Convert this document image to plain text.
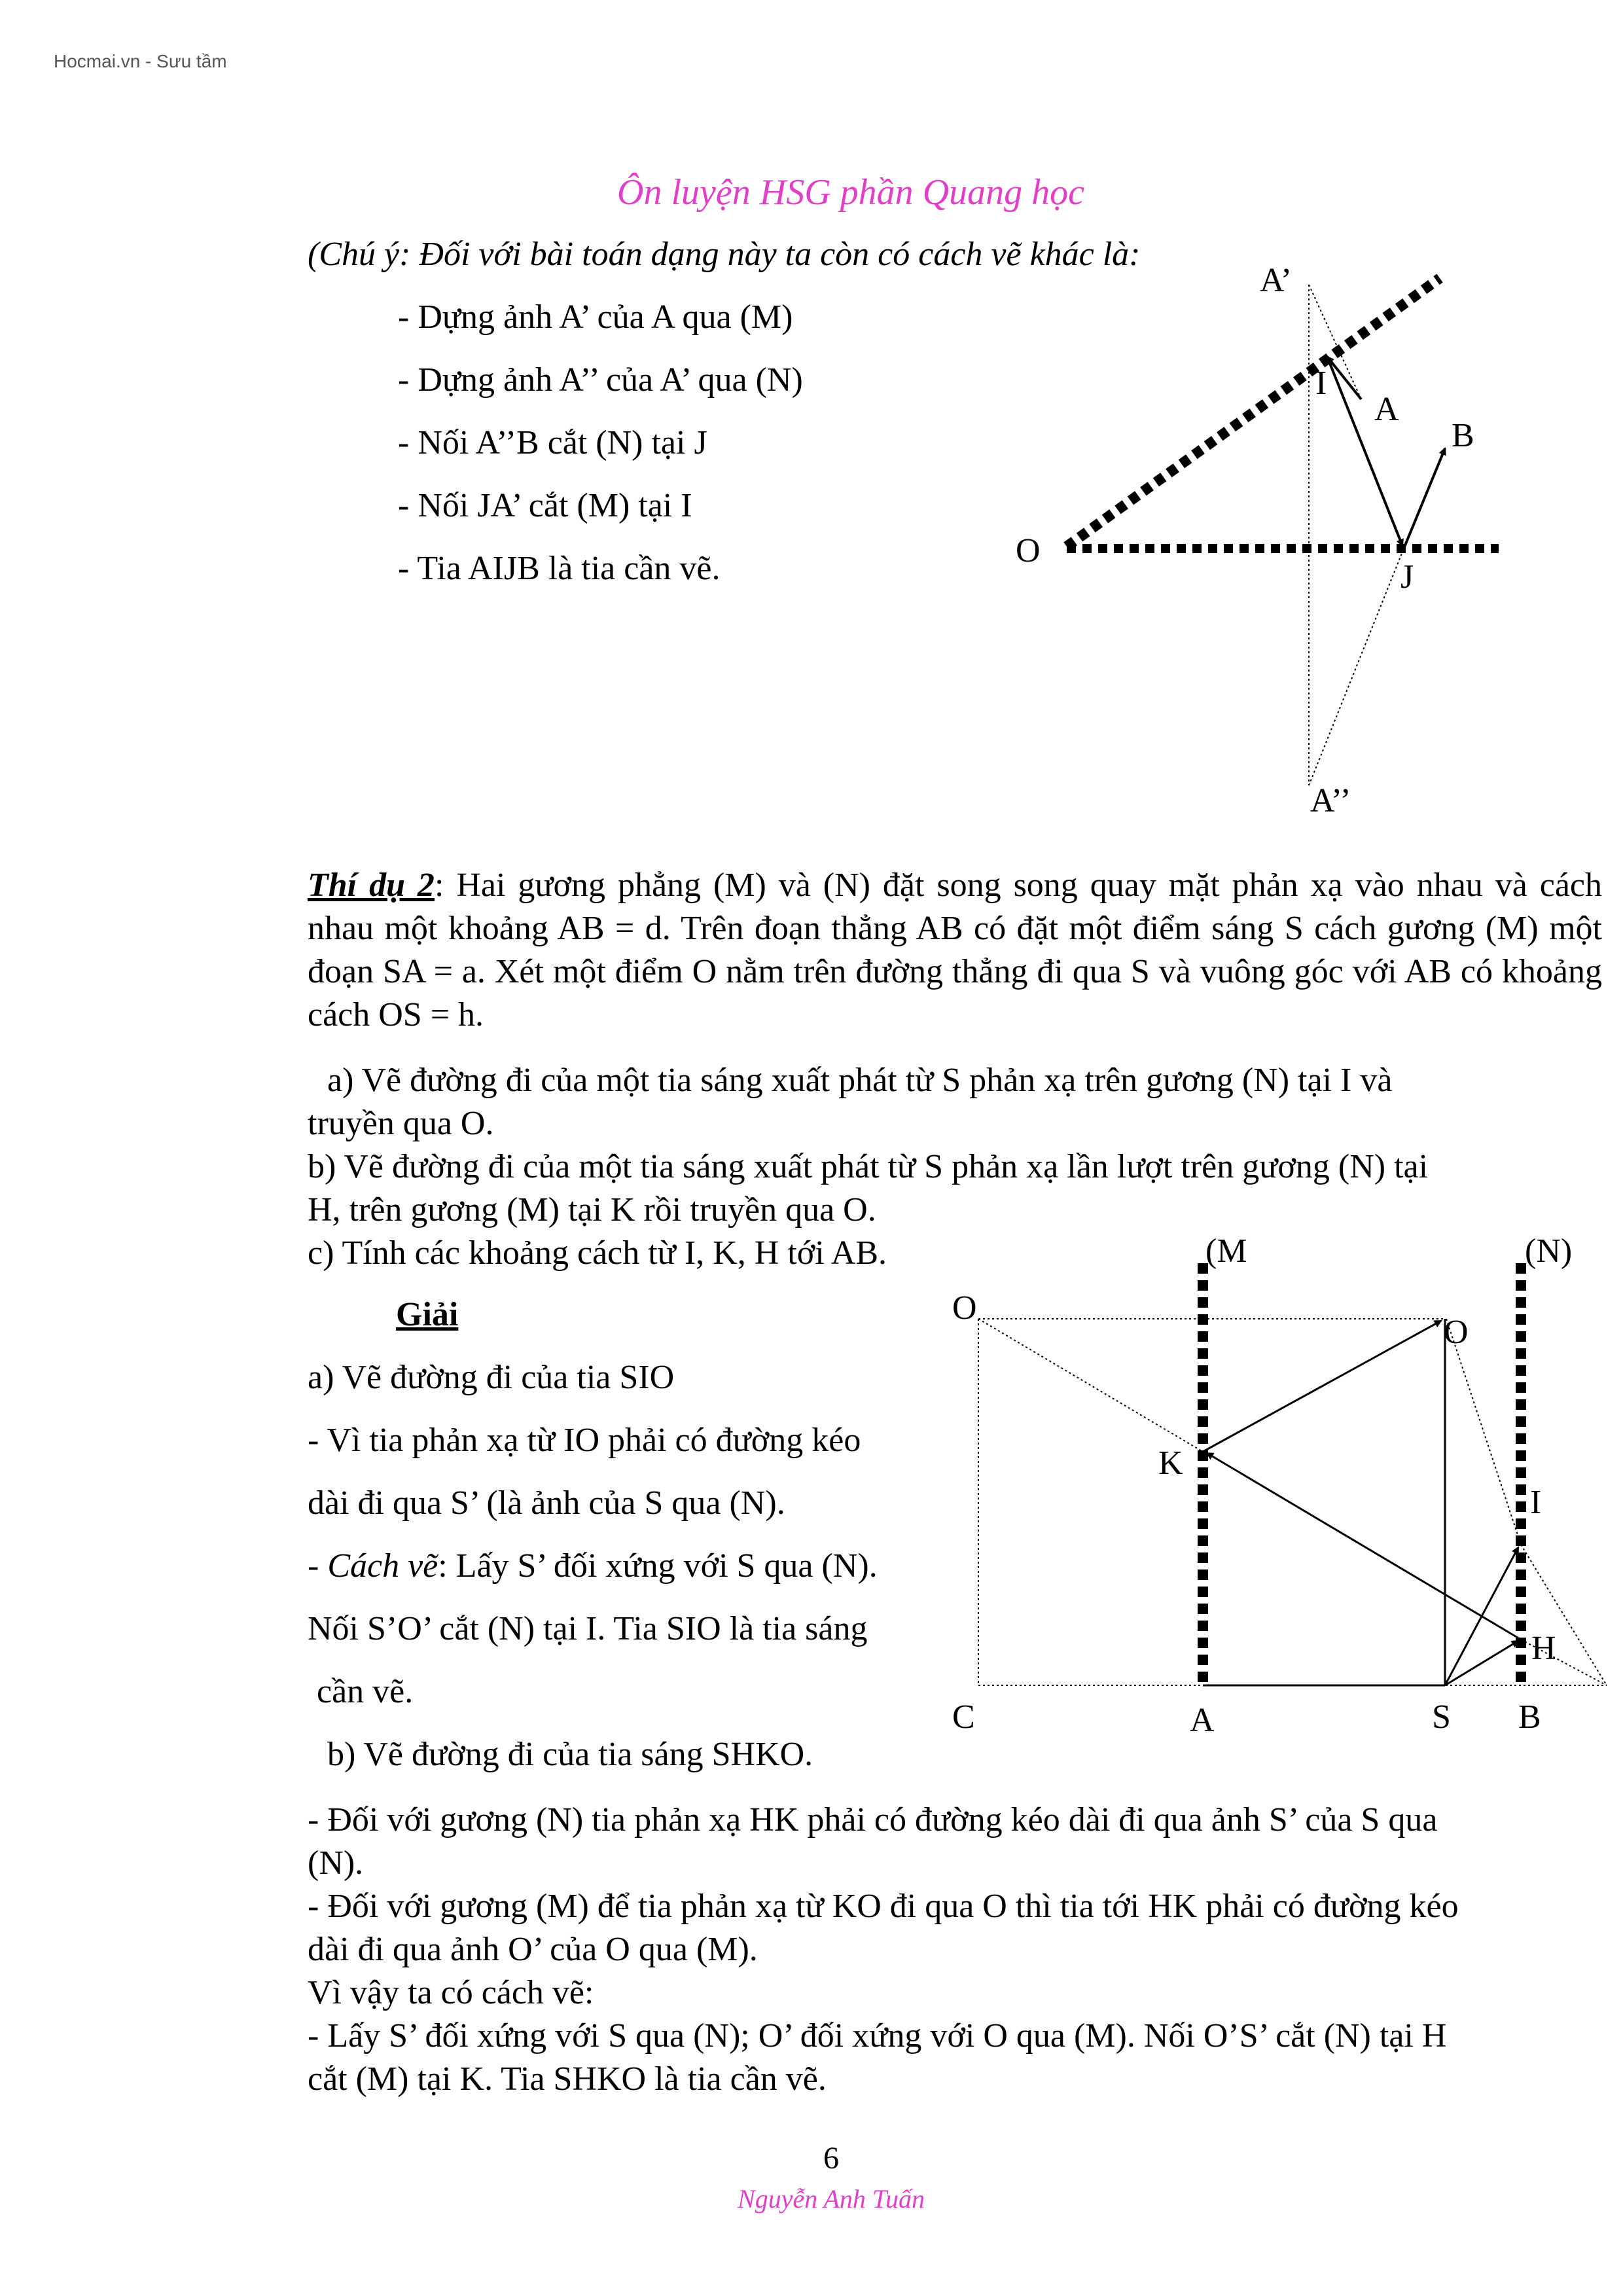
Hocmai.vn - Sưu tầm
Ôn luyện HSG phần Quang học
(Chú ý: Đối với bài toán dạng này ta còn có cách vẽ khác là:
- Dựng ảnh A’ của A qua (M)
- Dựng ảnh A’’ của A’ qua (N)
- Nối A’’B cắt (N) tại J
- Nối JA’ cắt (M) tại I
- Tia AIJB là tia cần vẽ.
A’
I
A
B
O
J
A’’
Thí dụ 2: Hai gương phẳng (M) và (N) đặt song song quay mặt phản xạ vào nhau và cách nhau một khoảng AB = d. Trên đoạn thẳng AB có đặt một điểm sáng S cách gương (M) một đoạn SA = a. Xét một điểm O nằm trên đường thẳng đi qua S và vuông góc với AB có khoảng cách OS = h.
a) Vẽ đường đi của một tia sáng xuất phát từ S phản xạ trên gương (N) tại I và
truyền qua O.
b) Vẽ đường đi của một tia sáng xuất phát từ S phản xạ lần lượt trên gương (N) tại
H, trên gương (M) tại K rồi truyền qua O.
c) Tính các khoảng cách từ I, K, H tới AB.
Giải
a) Vẽ đường đi của tia SIO
- Vì tia phản xạ từ IO phải có đường kéo
dài đi qua S’ (là ảnh của S qua (N).
- Cách vẽ: Lấy S’ đối xứng với S qua (N).
Nối S’O’ cắt (N) tại I. Tia SIO là tia sáng
cần vẽ.
b) Vẽ đường đi của tia sáng SHKO.
(M	(N)
O
O
K
I
H
C	A	S B
- Đối với gương (N) tia phản xạ HK phải có đường kéo dài đi qua ảnh S’ của S qua
(N).
- Đối với gương (M) để tia phản xạ từ KO đi qua O thì tia tới HK phải có đường kéo
dài đi qua ảnh O’ của O qua (M).
Vì vậy ta có cách vẽ:
- Lấy S’ đối xứng với S qua (N); O’ đối xứng với O qua (M). Nối O’S’ cắt (N) tại H
cắt (M) tại K. Tia SHKO là tia cần vẽ.
6
Nguyễn Anh Tuấn
